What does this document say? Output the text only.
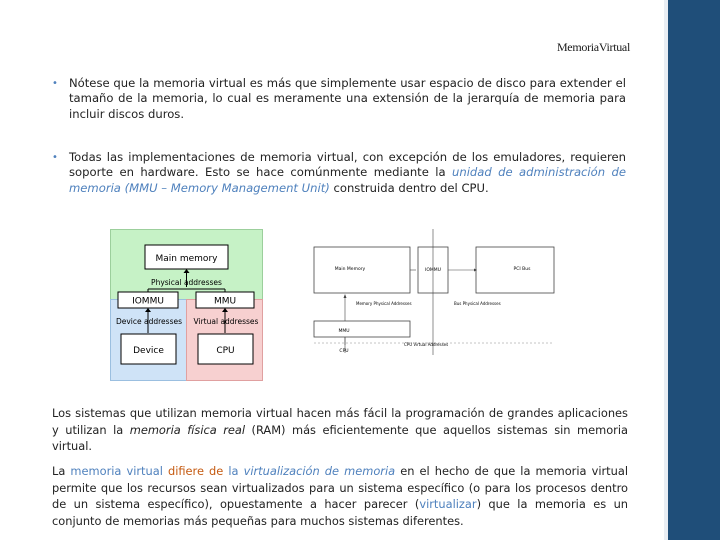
MemoriaVirtual
• Nótese que la memoria virtual es más que simplemente usar espacio de disco para extender el tamaño de la memoria, lo cual es meramente una extensión de la jerarquía de memoria para incluir discos duros.
• Todas las implementaciones de memoria virtual, con excepción de los emuladores, requieren soporte en hardware. Esto se hace comúnmente mediante la unidad de administración de memoria (MMU – Memory Management Unit) construida dentro del CPU.
Main memory
Physical addresses
IOMMU	MMU
Device addresses Virtual addresses
Device	CPU
Main Memory	IOMMU	PCI Bus
Memory Physical Addresses	Bus Physical Addresses
MMU
CPU
CPU Virtual Addresses
Los sistemas que utilizan memoria virtual hacen más fácil la programación de grandes aplicaciones y utilizan la memoria física real (RAM) más eficientemente que aquellos sistemas sin memoria virtual.
La memoria virtual difiere de la virtualización de memoria en el hecho de que la memoria virtual permite que los recursos sean virtualizados para un sistema específico (o para los procesos dentro de un sistema específico), opuestamente a hacer parecer (virtualizar) que la memoria es un conjunto de memorias más pequeñas para muchos sistemas diferentes.
